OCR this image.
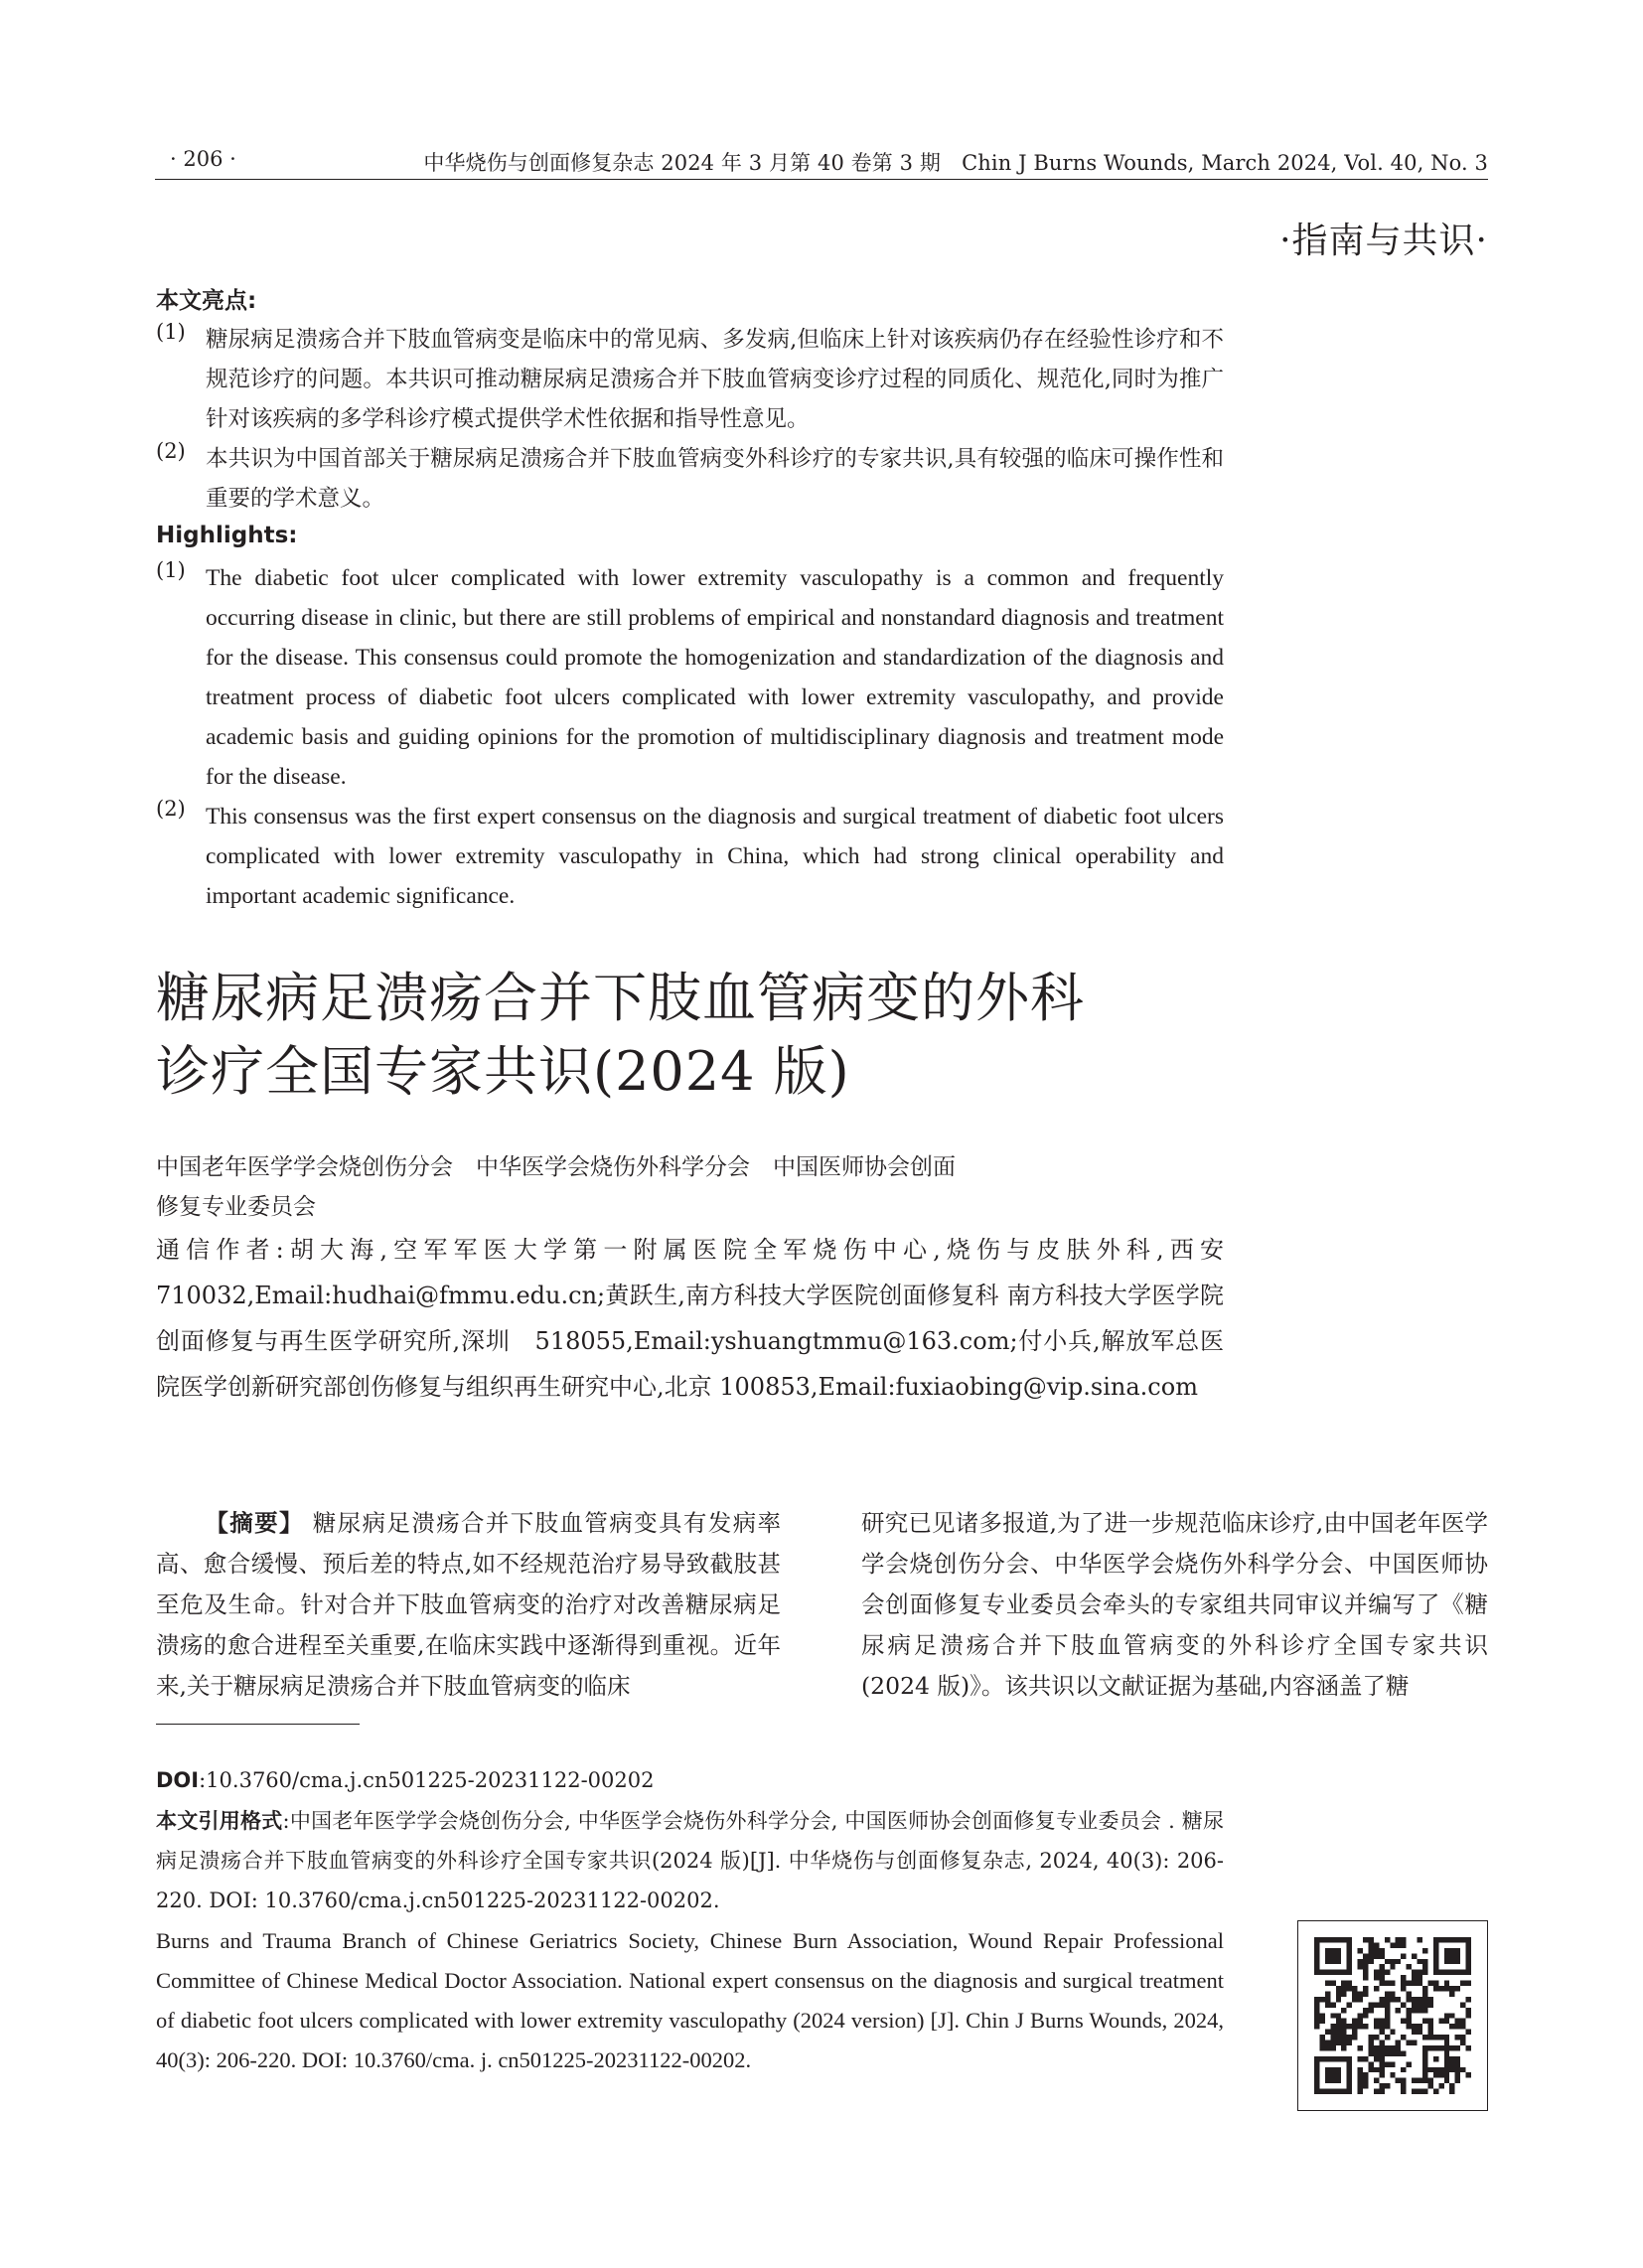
· 206 ·	中华烧伤与创面修复杂志 2024 年 3 月第 40 卷第 3 期　Chin J Burns Wounds, March 2024, Vol. 40, No. 3
·指南与共识·
本文亮点:
(1) 糖尿病足溃疡合并下肢血管病变是临床中的常见病、多发病,但临床上针对该疾病仍存在经验性诊疗和不规范诊疗的问题。本共识可推动糖尿病足溃疡合并下肢血管病变诊疗过程的同质化、规范化,同时为推广针对该疾病的多学科诊疗模式提供学术性依据和指导性意见。
(2) 本共识为中国首部关于糖尿病足溃疡合并下肢血管病变外科诊疗的专家共识,具有较强的临床可操作性和重要的学术意义。
Highlights:
(1) The diabetic foot ulcer complicated with lower extremity vasculopathy is a common and frequently occurring disease in clinic, but there are still problems of empirical and nonstandard diagnosis and treatment for the disease. This consensus could promote the homogenization and standardization of the diagnosis and treatment process of diabetic foot ulcers complicated with lower extremity vasculopathy, and provide academic basis and guiding opinions for the promotion of multidisciplinary diagnosis and treatment mode for the disease.
(2) This consensus was the first expert consensus on the diagnosis and surgical treatment of diabetic foot ulcers complicated with lower extremity vasculopathy in China, which had strong clinical operability and important academic significance.
糖尿病足溃疡合并下肢血管病变的外科
诊疗全国专家共识(2024 版)

中国老年医学学会烧创伤分会　中华医学会烧伤外科学分会　中国医师协会创面

修复专业委员会

通信作者:胡大海,空军军医大学第一附属医院全军烧伤中心,烧伤与皮肤外科,西安 710032,Email:hudhai@fmmu.edu.cn;黄跃生,南方科技大学医院创面修复科 南方科技大学医学院创面修复与再生医学研究所,深圳　518055,Email:yshuangtmmu@163.com;付小兵,解放军总医院医学创新研究部创伤修复与组织再生研究中心,北京 100853,Email:fuxiaobing@vip.sina.com
【摘要】 糖尿病足溃疡合并下肢血管病变具有发病率高、愈合缓慢、预后差的特点,如不经规范治疗易导致截肢甚至危及生命。针对合并下肢血管病变的治疗对改善糖尿病足溃疡的愈合进程至关重要,在临床实践中逐渐得到重视。近年来,关于糖尿病足溃疡合并下肢血管病变的临床
研究已见诸多报道,为了进一步规范临床诊疗,由中国老年医学学会烧创伤分会、中华医学会烧伤外科学分会、中国医师协会创面修复专业委员会牵头的专家组共同审议并编写了《糖尿病足溃疡合并下肢血管病变的外科诊疗全国专家共识(2024 版)》。该共识以文献证据为基础,内容涵盖了糖
DOI:10.3760/cma.j.cn501225-20231122-00202
本文引用格式:中国老年医学学会烧创伤分会, 中华医学会烧伤外科学分会, 中国医师协会创面修复专业委员会 . 糖尿病足溃疡合并下肢血管病变的外科诊疗全国专家共识(2024 版)[J]. 中华烧伤与创面修复杂志, 2024, 40(3): 206-220. DOI: 10.3760/cma.j.cn501225-20231122-00202.
Burns and Trauma Branch of Chinese Geriatrics Society, Chinese Burn Association, Wound Repair Professional Committee of Chinese Medical Doctor Association. National expert consensus on the diagnosis and surgical treatment of diabetic foot ulcers complicated with lower extremity vasculopathy (2024 version) [J]. Chin J Burns Wounds, 2024, 40(3): 206-220. DOI: 10.3760/cma. j. cn501225-20231122-00202.
